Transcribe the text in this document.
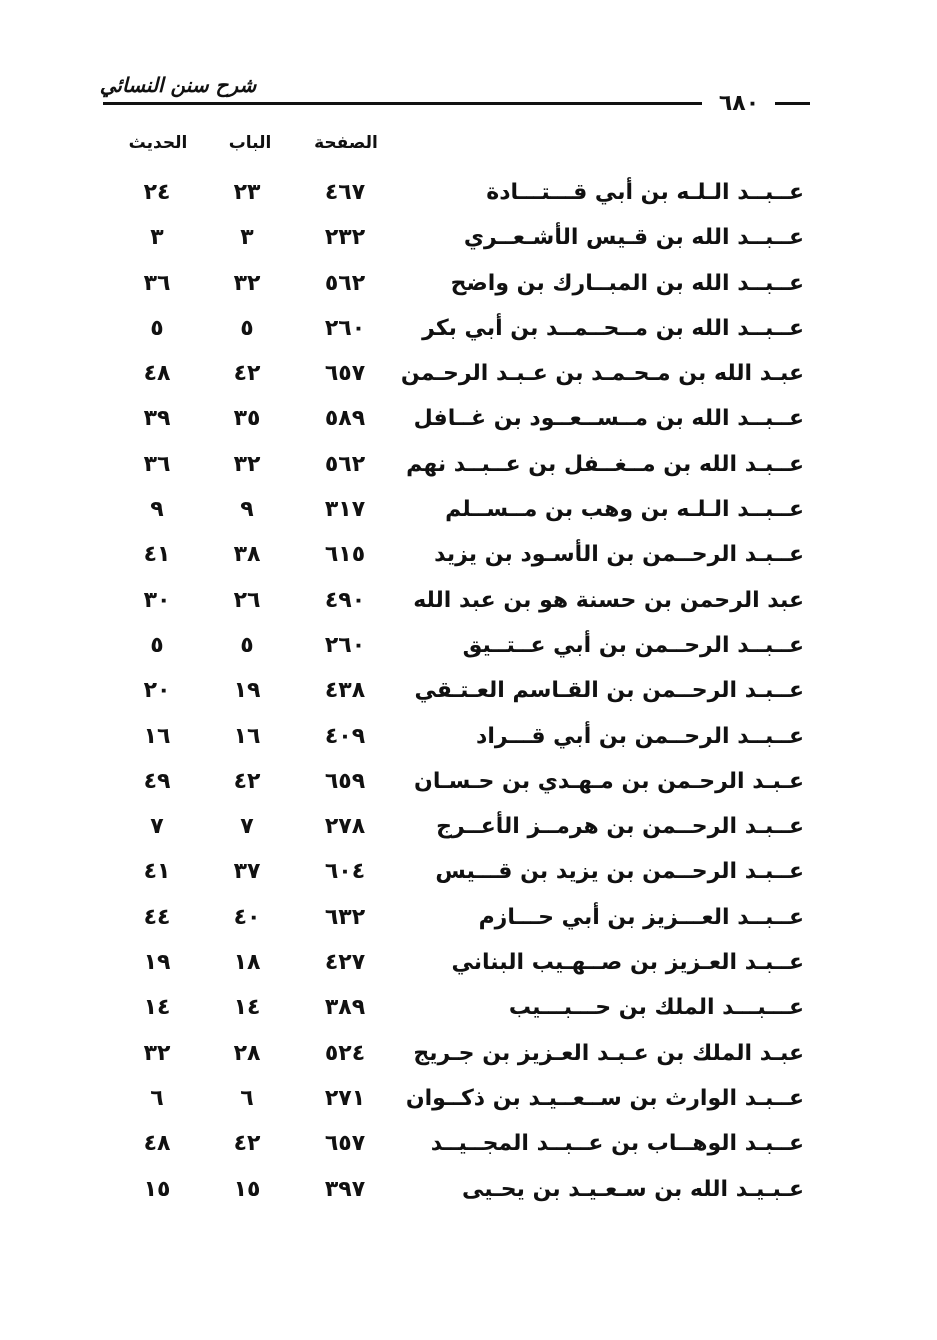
شرح سنن النسائي
٦٨٠
الصفحة
الباب
الحديث
عــبــد الـلـه بن أبي قـــتـــادة
٤٦٧
٢٣
٢٤
عــبــد الله بن قـيس الأشـعــري
٢٣٢
٣
٣
عــبــد الله بن المبــارك بن واضح
٥٦٢
٣٢
٣٦
عــبــد الله بن مــحــمــد بن أبي بكر
٢٦٠
٥
٥
عبـد الله بن مـحـمـد بن عـبـد الرحـمن
٦٥٧
٤٢
٤٨
عــبــد الله بن مــســعــود بن غــافل
٥٨٩
٣٥
٣٩
عــبـد الله بن مــغــفل بن عــبــد نهم
٥٦٢
٣٢
٣٦
عــبــد الـلـه بن وهب بن مــســلم
٣١٧
٩
٩
عــبـد الرحــمن بن الأسـود بن يزيد
٦١٥
٣٨
٤١
عبد الرحمن بن حسنة هو بن عبد الله
٤٩٠
٢٦
٣٠
عــبــد الرحــمن بن أبي عــتــيق
٢٦٠
٥
٥
عــبـد الرحــمن بن القـاسم العـتـقي
٤٣٨
١٩
٢٠
عــبــد الرحــمن بن أبي قـــراد
٤٠٩
١٦
١٦
عـبـد الرحـمن بن مـهـدي بن حـسـان
٦٥٩
٤٢
٤٩
عــبـد الرحــمن بن هرمــز الأعــرج
٢٧٨
٧
٧
عــبـد الرحــمن بن يزيد بن قـــيس
٦٠٤
٣٧
٤١
عــبــد العـــزيز بن أبي حـــازم
٦٣٢
٤٠
٤٤
عــبـد العـزيز بن صــهـيب البناني
٤٢٧
١٨
١٩
عـــبـــد الملك بن حـــبـــيب
٣٨٩
١٤
١٤
عبـد الملك بن عـبـد العـزيز بن جـريج
٥٢٤
٢٨
٣٢
عــبـد الوارث بن ســعــيـد بن ذكــوان
٢٧١
٦
٦
عــبـد الوهــاب بن عــبــد المجــيــد
٦٥٧
٤٢
٤٨
عـبـيـد الله بن سـعـيـد بن يحـيى
٣٩٧
١٥
١٥
